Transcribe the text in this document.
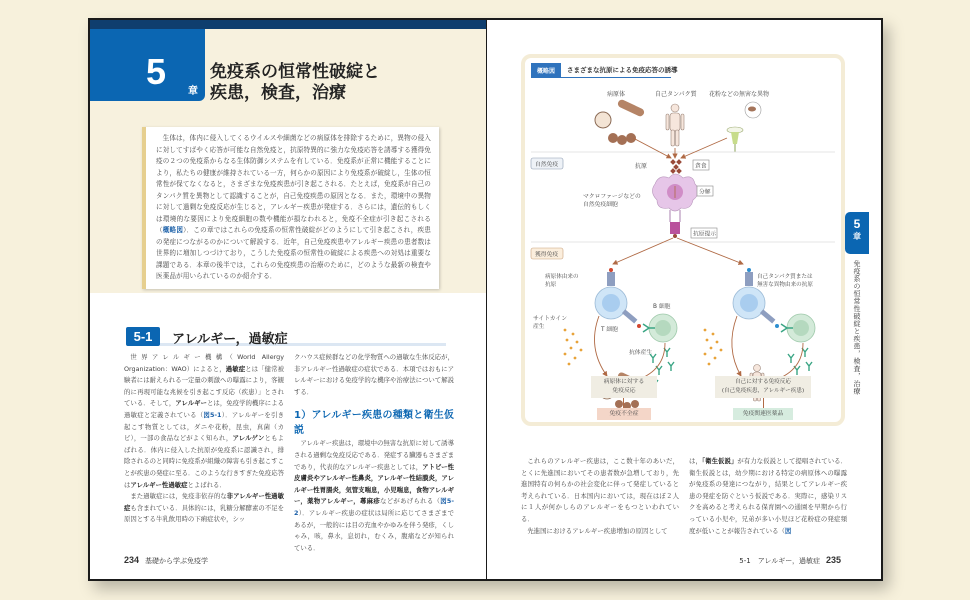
5 章
免疫系の恒常性破綻と
疾患，検査，治療

生体は，体内に侵入してくるウイルスや細菌などの病原体を排除するために，異物の侵入に対してすばやく応答が可能な自然免疫と，抗原特異的に強力な免疫応答を誘導する獲得免疫の２つの免疫系からなる生体防御システムを有している．免疫系が正常に機能することにより，私たちの健康が維持されている一方，何らかの原因により免疫系が破綻し，生体の恒常性が保てなくなると，さまざまな免疫疾患が引き起こされる．たとえば，免疫系が自己のタンパク質を異物として認識することが，自己免疫疾患の原因となる．また，環境中の異物に対して過剰な免疫反応が生じると，アレルギー疾患が発症する．さらには，遺伝的もしくは環境的な要因により免疫細胞の数や機能が損なわれると，免疫不全症が引き起こされる（概略図）．この章ではこれらの免疫系の恒常性破綻がどのようにして引き起こされ，疾患の発症につながるのかについて解説する．近年，自己免疫疾患やアレルギー疾患の患者数は世界的に増加しつづけており，こうした免疫系の恒常性の破綻による疾患への対処は重要な課題である．本章の後半では，これらの免疫疾患の治療のために，どのような最新の検査や医薬品が用いられているのか紹介する．

5-1	アレルギー，過敏症

世界アレルギー機構（World Allergy Organization：WAO）によると，過敏症とは「健常被験者には耐えられる一定量の刺激への曝露により，客観的に再現可能な兆候を引き起こす反応（疾患）」とされている．そして，アレルギーとは，免疫学的機序による過敏症と定義されている（図5-1）．アレルギーを引き起こす物質としては，ダニや花粉，昆虫，真菌（カビ），一部の食品などがよく知られ，アレルゲンともよばれる．体内に侵入した抗原が免疫系に認識され，排除されるのと同時に免疫系が組織の障害も引き起こすことが疾患の発症に至る．このような行きすぎた免疫応答はアレルギー性過敏症とよばれる．

また過敏症には，免疫非依存的な非アレルギー性過敏症も含まれている．具体的には，乳糖分解酵素の不足を原因とする牛乳飲用時の下痢症状や，シッ

クハウス症候群などの化学物質への過敏な生体反応が，非アレルギー性過敏症の症状である．本項ではおもにアレルギーにおける免疫学的な機序や治療法について解説する．

1）アレルギー疾患の種類と衛生仮説

アレルギー疾患は，環境中の無害な抗原に対して誘導される過剰な免疫反応である．発症する臓器もさまざまであり，代表的なアレルギー疾患としては，アトピー性皮膚炎やアレルギー性鼻炎，アレルギー性結膜炎，アレルギー性胃腸炎，気管支喘息，小児喘息，食物アレルギー，薬物アレルギー，蕁麻疹などがあげられる（図5-2）．アレルギー疾患の症状は局所に応じてさまざまであるが，一般的には目の充血やかゆみを伴う発疹，くしゃみ，咳，鼻水，息切れ，むくみ，腹痛などが知られている．

234 基礎から学ぶ免疫学
概略図	さまざまな抗原による免疫応答の誘導
病原体	自己タンパク質 花粉などの無害な異物
自然免疫	抗原	貪食
分解
マクロファージなどの
自然免疫細胞
抗原提示
獲得免疫
病原体由来の
抗原
自己タンパク質または
無害な異物由来の抗原
サイトカイン
産生	T 細胞
B 細胞
抗体産生
病原体に対する
免疫反応
免疫不全症
自己に対する免疫反応
(自己免疫疾患，アレルギー疾患)
免疫関連医薬品

これらのアレルギー疾患は，ここ数十年のあいだ，とくに先進国においてその患者数が急増しており，先進国特有の何らかの社会変化に伴って発症していると考えられている．日本国内においては，現在はぼ２人に１人が何かしらのアレルギーをもつといわれている．

先進国におけるアレルギー疾患増加の原因として

は，「衛生仮説」が有力な仮説として提唱されている．衛生仮説とは，幼少期における特定の病原体への曝露が免疫系の発達につながり，結果としてアレルギー疾患の発症を防ぐという仮説である．実際に，感染リスクを高めると考えられる保育園への通園を早期から行っている小児や，兄弟が多い小児ほど花粉症の発症頻度が低いことが報告されている（図

5-1　アレルギー，過敏症 235
5
章
免疫系の恒常性破綻と疾患，検査，治療
